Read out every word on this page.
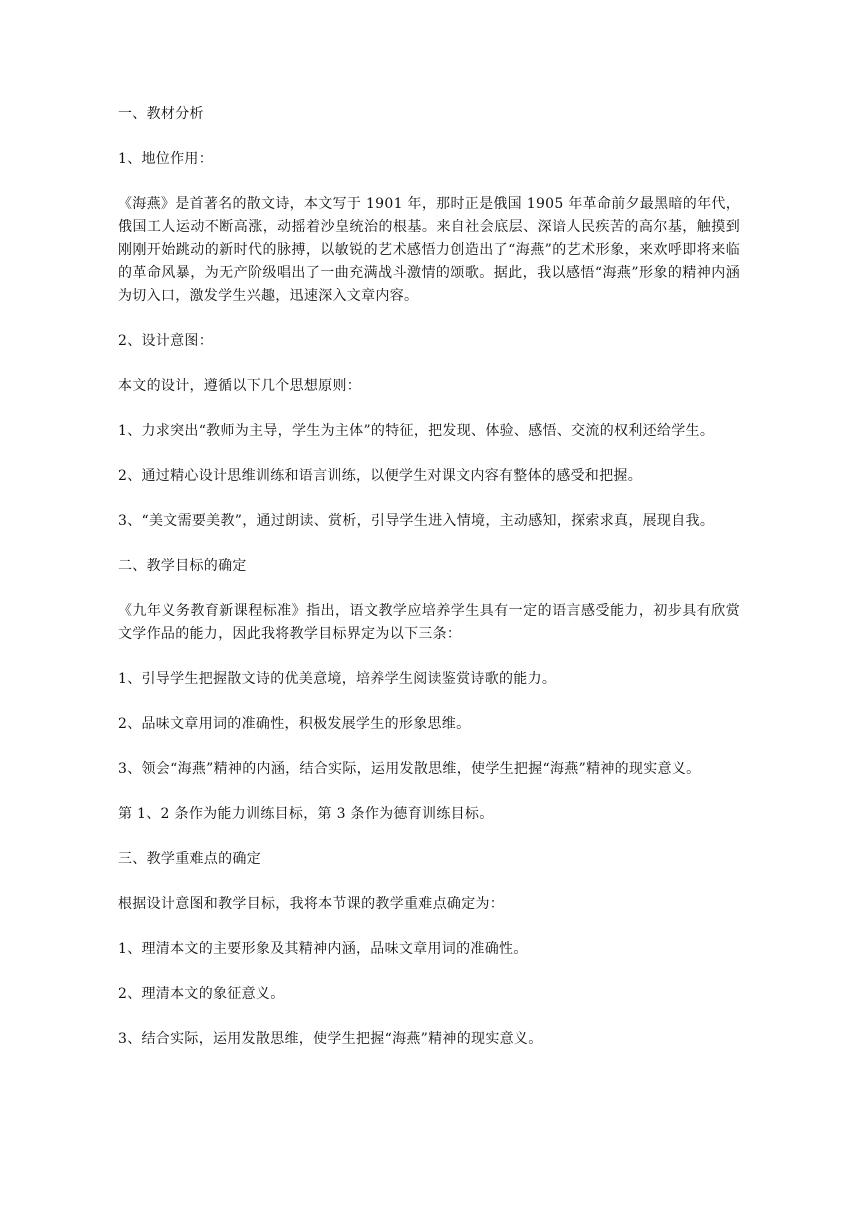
一、教材分析

1、地位作用：

《海燕》是首著名的散文诗，本文写于 1901 年，那时正是俄国 1905 年革命前夕最黑暗的年代，俄国工人运动不断高涨，动摇着沙皇统治的根基。来自社会底层、深谙人民疾苦的高尔基，触摸到刚刚开始跳动的新时代的脉搏，以敏锐的艺术感悟力创造出了“海燕”的艺术形象，来欢呼即将来临的革命风暴，为无产阶级唱出了一曲充满战斗激情的颂歌。据此，我以感悟“海燕”形象的精神内涵为切入口，激发学生兴趣，迅速深入文章内容。

2、设计意图：

本文的设计，遵循以下几个思想原则：

1、力求突出“教师为主导，学生为主体”的特征，把发现、体验、感悟、交流的权利还给学生。

2、通过精心设计思维训练和语言训练，以便学生对课文内容有整体的感受和把握。

3、“美文需要美教”，通过朗读、赏析，引导学生进入情境，主动感知，探索求真，展现自我。

二、教学目标的确定

《九年义务教育新课程标准》指出，语文教学应培养学生具有一定的语言感受能力，初步具有欣赏文学作品的能力，因此我将教学目标界定为以下三条：

1、引导学生把握散文诗的优美意境，培养学生阅读鉴赏诗歌的能力。

2、品味文章用词的准确性，积极发展学生的形象思维。

3、领会“海燕”精神的内涵，结合实际，运用发散思维，使学生把握“海燕”精神的现实意义。

第 1、2 条作为能力训练目标，第 3 条作为德育训练目标。

三、教学重难点的确定

根据设计意图和教学目标，我将本节课的教学重难点确定为：

1、理清本文的主要形象及其精神内涵，品味文章用词的准确性。

2、理清本文的象征意义。

3、结合实际，运用发散思维，使学生把握“海燕”精神的现实意义。
